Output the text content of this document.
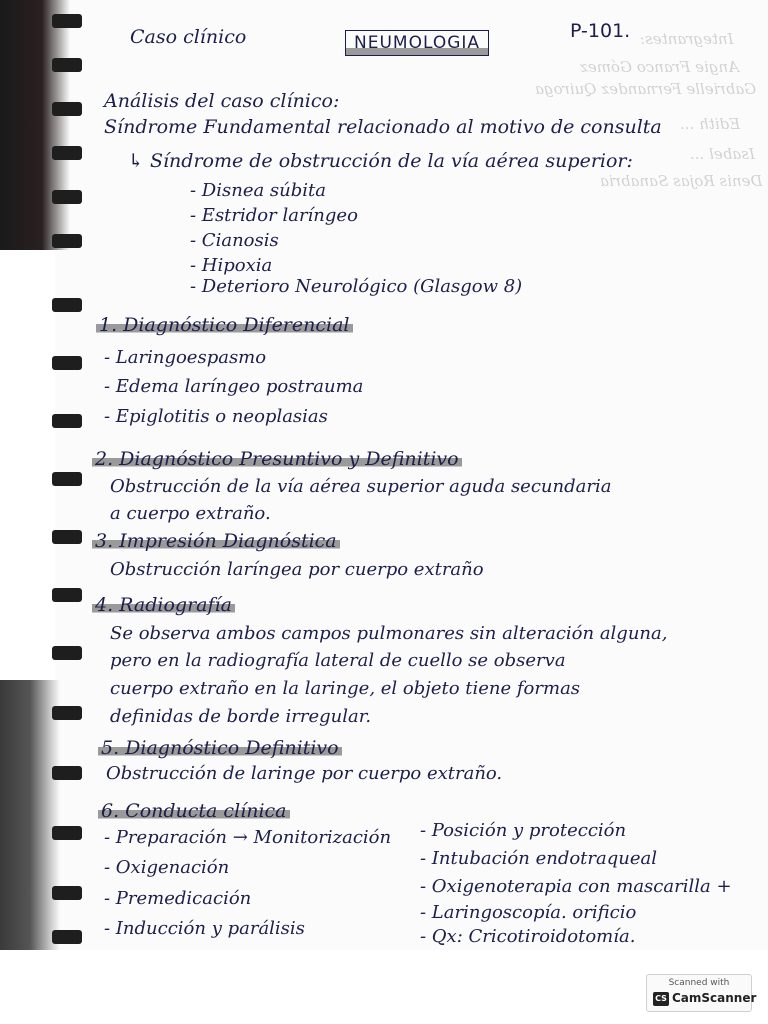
Integrantes:
Angie Franco Gómez
Gabrielle Fernandez Quiroga
Edith ...
Isabel ...
Denis Rojas Sanabria
Caso clínico	NEUMOLOGIA
P-101.
Análisis del caso clínico:
Síndrome Fundamental relacionado al motivo de consulta
↳ Síndrome de obstrucción de la vía aérea superior:
- Disnea súbita
- Estridor laríngeo
- Cianosis
- Hipoxia
- Deterioro Neurológico (Glasgow 8)
1. Diagnóstico Diferencial
- Laringoespasmo
- Edema laríngeo postrauma
- Epiglotitis o neoplasias
2. Diagnóstico Presuntivo y Definitivo
Obstrucción de la vía aérea superior aguda secundaria
a cuerpo extraño.
3. Impresión Diagnóstica
Obstrucción laríngea por cuerpo extraño
4. Radiografía
Se observa ambos campos pulmonares sin alteración alguna,
pero en la radiografía lateral de cuello se observa
cuerpo extraño en la laringe, el objeto tiene formas
definidas de borde irregular.
5. Diagnóstico Definitivo
Obstrucción de laringe por cuerpo extraño.
6. Conducta clínica
- Preparación → Monitorización
- Oxigenación
- Premedicación
- Inducción y parálisis
- Posición y protección
- Intubación endotraqueal
- Oxigenoterapia con mascarilla +
- Laringoscopía. orificio
- Qx: Cricotiroidotomía.
Scanned with
CS CamScanner
